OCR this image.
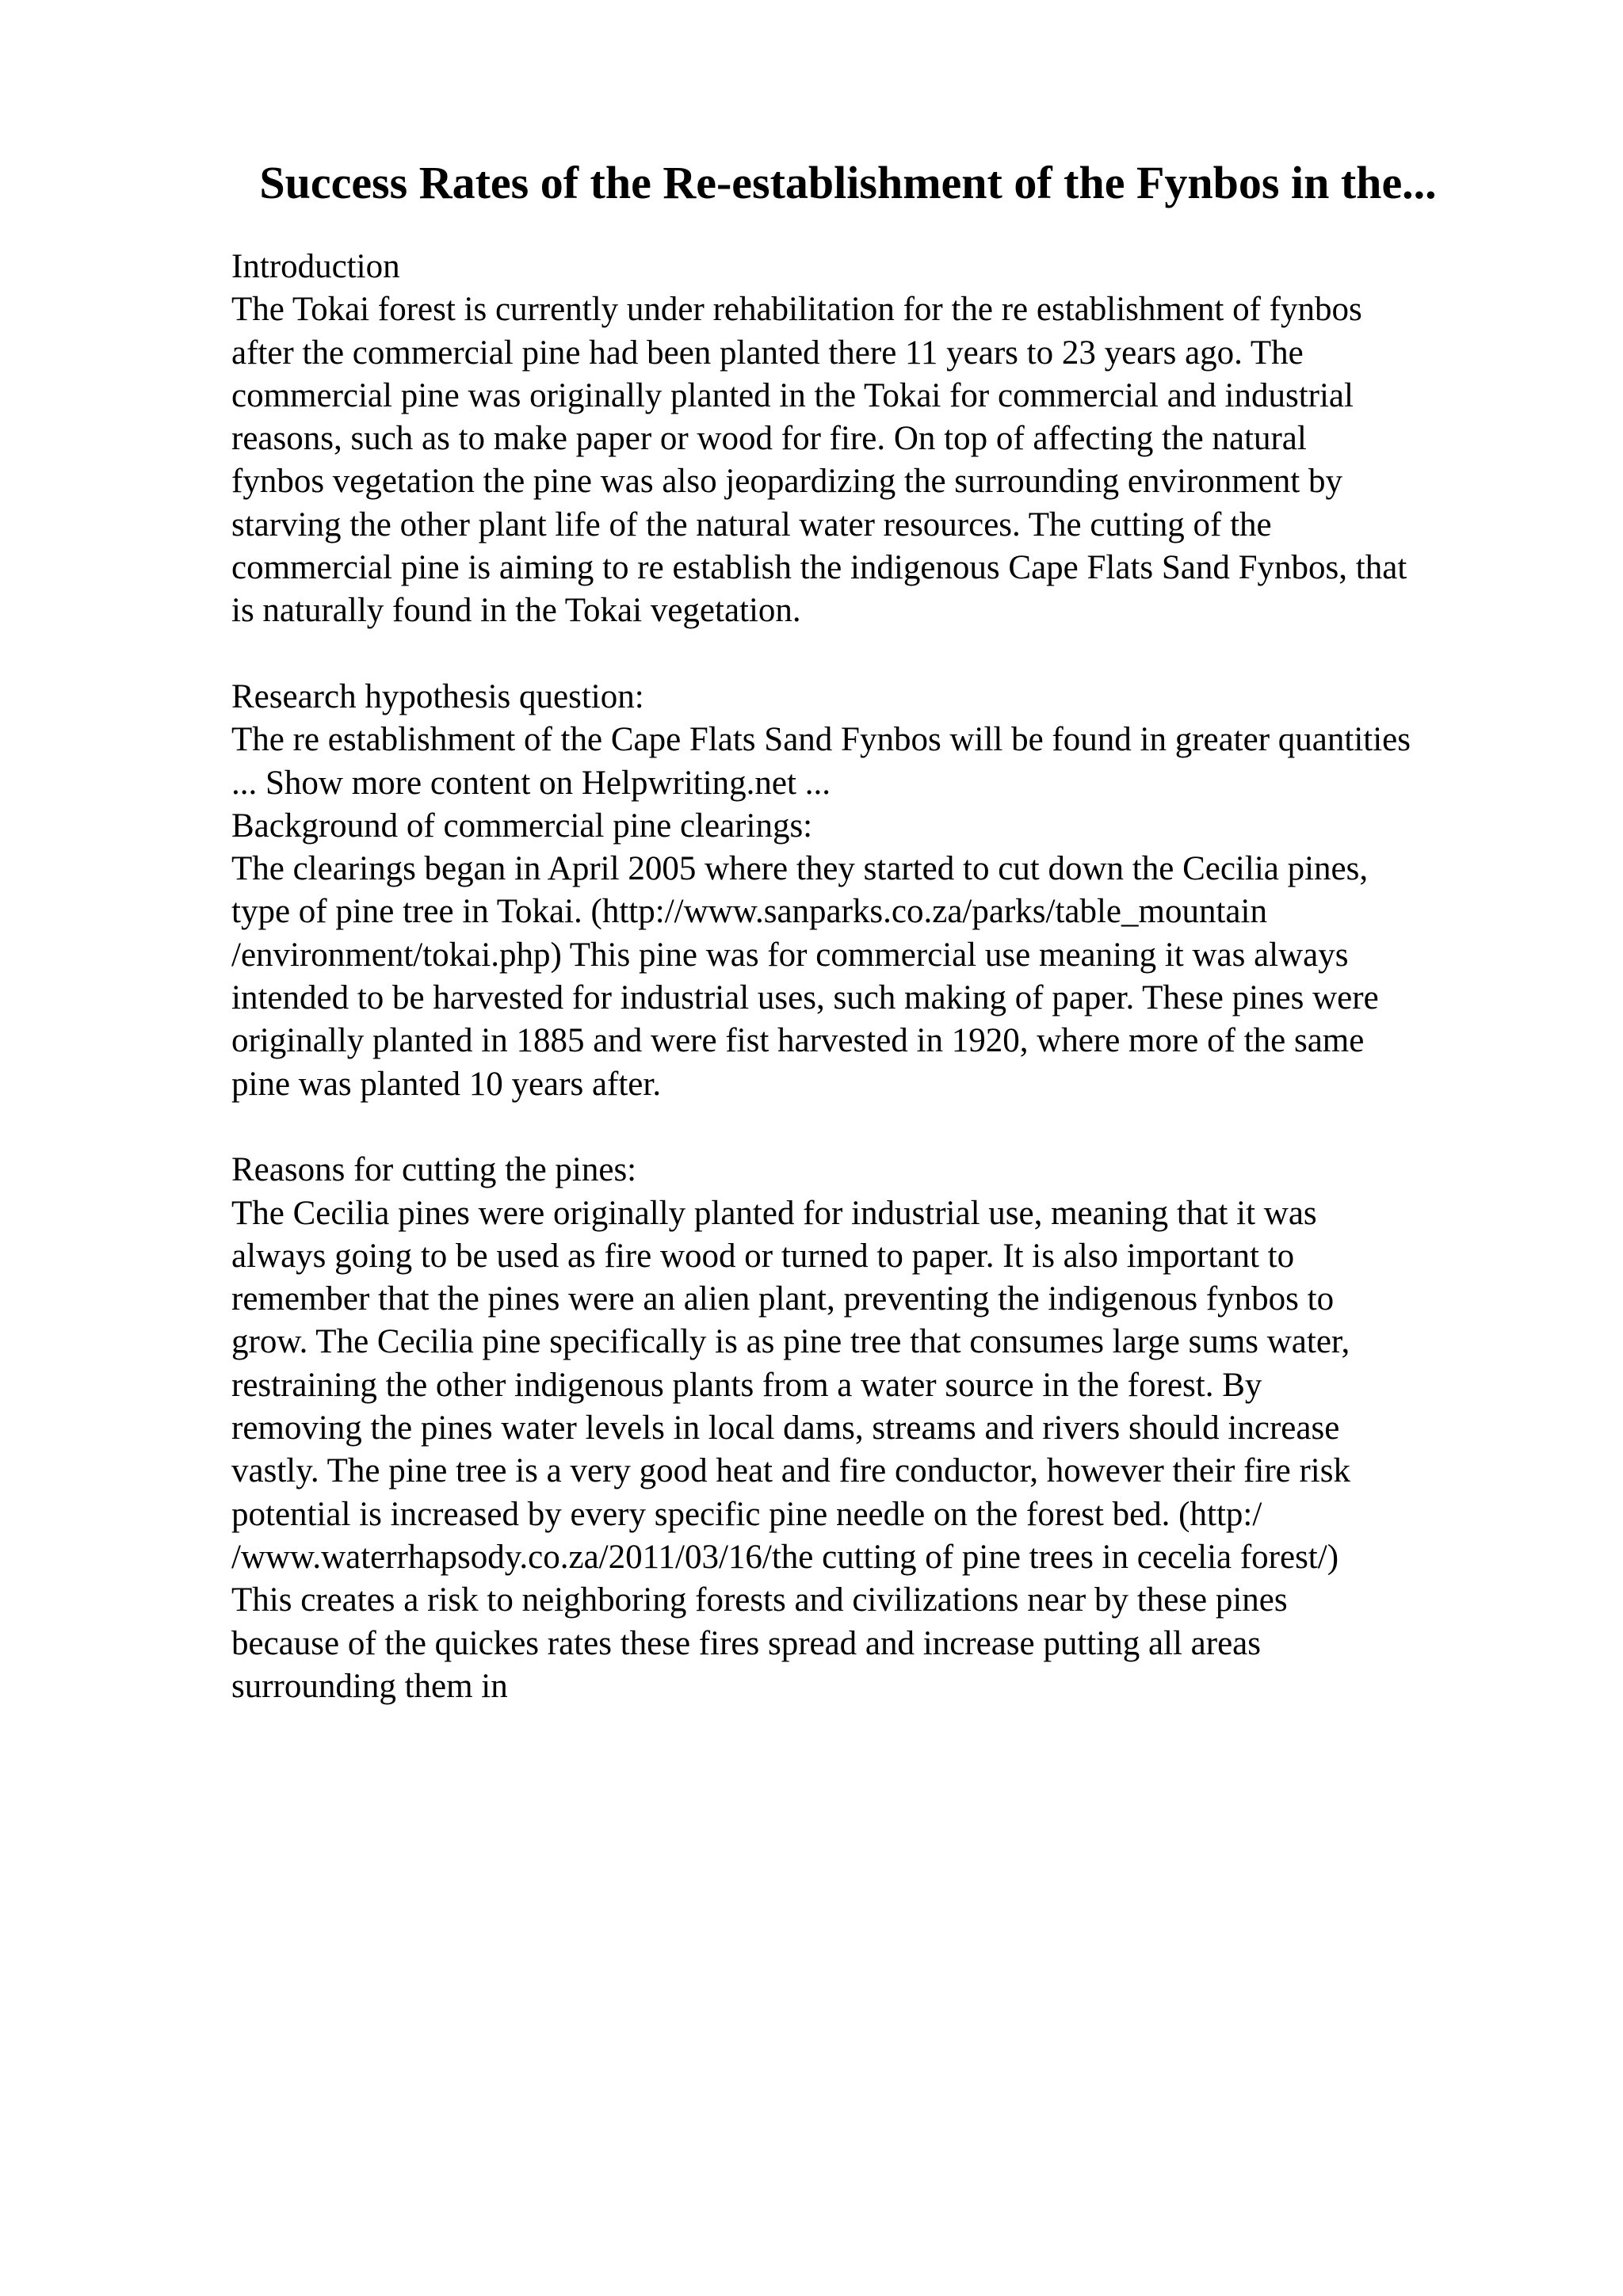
Success Rates of the Re-establishment of the Fynbos in the...
Introduction
The Tokai forest is currently under rehabilitation for the re establishment of fynbos
after the commercial pine had been planted there 11 years to 23 years ago. The
commercial pine was originally planted in the Tokai for commercial and industrial
reasons, such as to make paper or wood for fire. On top of affecting the natural
fynbos vegetation the pine was also jeopardizing the surrounding environment by
starving the other plant life of the natural water resources. The cutting of the
commercial pine is aiming to re establish the indigenous Cape Flats Sand Fynbos, that
is naturally found in the Tokai vegetation.
Research hypothesis question:
The re establishment of the Cape Flats Sand Fynbos will be found in greater quantities
... Show more content on Helpwriting.net ...
Background of commercial pine clearings:
The clearings began in April 2005 where they started to cut down the Cecilia pines,
type of pine tree in Tokai. (http://www.sanparks.co.za/parks/table_mountain
/environment/tokai.php) This pine was for commercial use meaning it was always
intended to be harvested for industrial uses, such making of paper. These pines were
originally planted in 1885 and were fist harvested in 1920, where more of the same
pine was planted 10 years after.
Reasons for cutting the pines:
The Cecilia pines were originally planted for industrial use, meaning that it was
always going to be used as fire wood or turned to paper. It is also important to
remember that the pines were an alien plant, preventing the indigenous fynbos to
grow. The Cecilia pine specifically is as pine tree that consumes large sums water,
restraining the other indigenous plants from a water source in the forest. By
removing the pines water levels in local dams, streams and rivers should increase
vastly. The pine tree is a very good heat and fire conductor, however their fire risk
potential is increased by every specific pine needle on the forest bed. (http:/
/www.waterrhapsody.co.za/2011/03/16/the cutting of pine trees in cecelia forest/)
This creates a risk to neighboring forests and civilizations near by these pines
because of the quickes rates these fires spread and increase putting all areas
surrounding them in
